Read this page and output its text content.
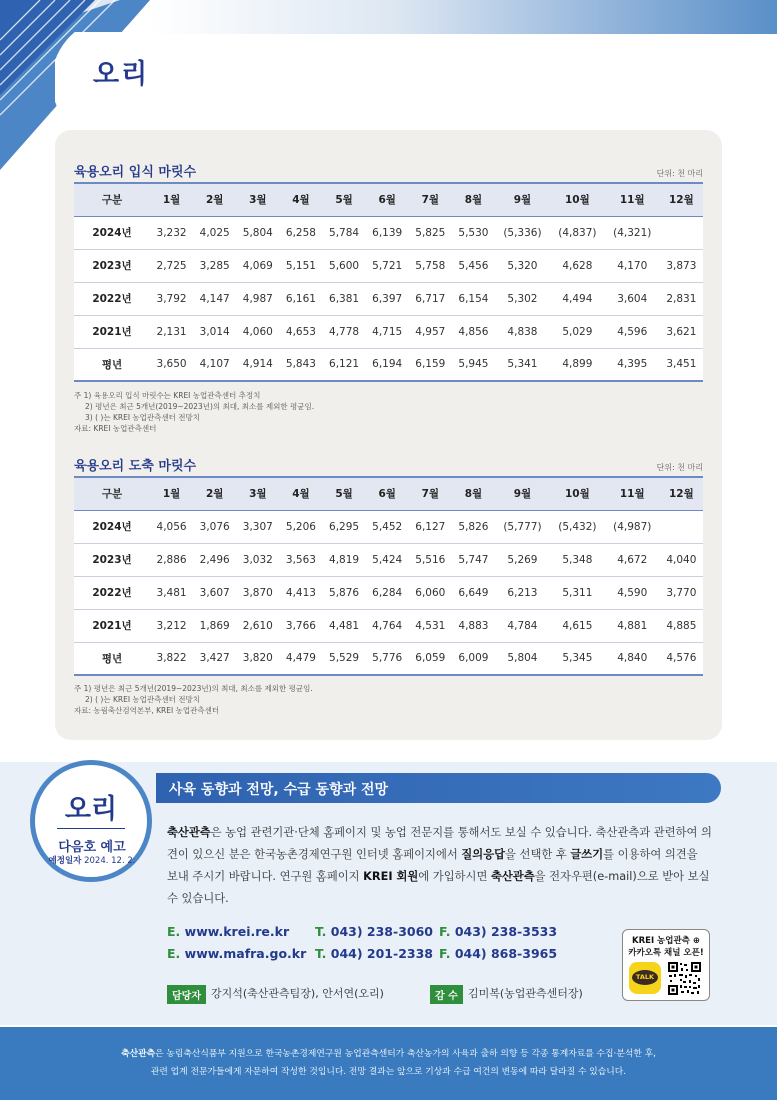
오리
육용오리 입식 마릿수	단위: 천 마리
구분	1월	2월	3월	4월	5월	6월	7월	8월	9월	10월	11월	12월
2024년	3,232	4,025	5,804	6,258	5,784	6,139	5,825	5,530	(5,336)	(4,837)	(4,321)	
2023년	2,725	3,285	4,069	5,151	5,600	5,721	5,758	5,456	5,320	4,628	4,170	3,873
2022년	3,792	4,147	4,987	6,161	6,381	6,397	6,717	6,154	5,302	4,494	3,604	2,831
2021년	2,131	3,014	4,060	4,653	4,778	4,715	4,957	4,856	4,838	5,029	4,596	3,621
평년	3,650	4,107	4,914	5,843	6,121	6,194	6,159	5,945	5,341	4,899	4,395	3,451
주 1) 육용오리 입식 마릿수는 KREI 농업관측센터 추정치
2) 평년은 최근 5개년(2019~2023년)의 최대, 최소를 제외한 평균임.
3) ( )는 KREI 농업관측센터 전망치
자료: KREI 농업관측센터
육용오리 도축 마릿수	단위: 천 마리
구분	1월	2월	3월	4월	5월	6월	7월	8월	9월	10월	11월	12월
2024년	4,056	3,076	3,307	5,206	6,295	5,452	6,127	5,826	(5,777)	(5,432)	(4,987)	
2023년	2,886	2,496	3,032	3,563	4,819	5,424	5,516	5,747	5,269	5,348	4,672	4,040
2022년	3,481	3,607	3,870	4,413	5,876	6,284	6,060	6,649	6,213	5,311	4,590	3,770
2021년	3,212	1,869	2,610	3,766	4,481	4,764	4,531	4,883	4,784	4,615	4,881	4,885
평년	3,822	3,427	3,820	4,479	5,529	5,776	6,059	6,009	5,804	5,345	4,840	4,576
주 1) 평년은 최근 5개년(2019~2023년)의 최대, 최소를 제외한 평균임.
2) ( )는 KREI 농업관측센터 전망치
자료: 농림축산검역본부, KREI 농업관측센터
오리
다음호 예고
예정일자 2024. 12. 2.
사육 동향과 전망, 수급 동향과 전망
축산관측은 농업 관련기관·단체 홈페이지 및 농업 전문지를 통해서도 보실 수 있습니다. 축산관측과 관련하여 의견이 있으신 분은 한국농촌경제연구원 인터넷 홈페이지에서 질의응답을 선택한 후 글쓰기를 이용하여 의견을 보내 주시기 바랍니다. 연구원 홈페이지 KREI 회원에 가입하시면 축산관측을 전자우편(e-mail)으로 받아 보실 수 있습니다.
E. www.krei.re.kr T. 043) 238-3060 F. 043) 238-3533
E. www.mafra.go.kr T. 044) 201-2338 F. 044) 868-3965
담당자 강지석(축산관측팀장), 안서연(오리)	감 수 김미복(농업관측센터장)
KREI 농업관측 ⊕
카카오톡 채널 오픈!
TALK
축산관측은 농림축산식품부 지원으로 한국농촌경제연구원 농업관측센터가 축산농가의 사육과 출하 의향 등 각종 통계자료를 수집·분석한 후,
관련 업계 전문가들에게 자문하여 작성한 것입니다. 전망 결과는 앞으로 기상과 수급 여건의 변동에 따라 달라질 수 있습니다.
